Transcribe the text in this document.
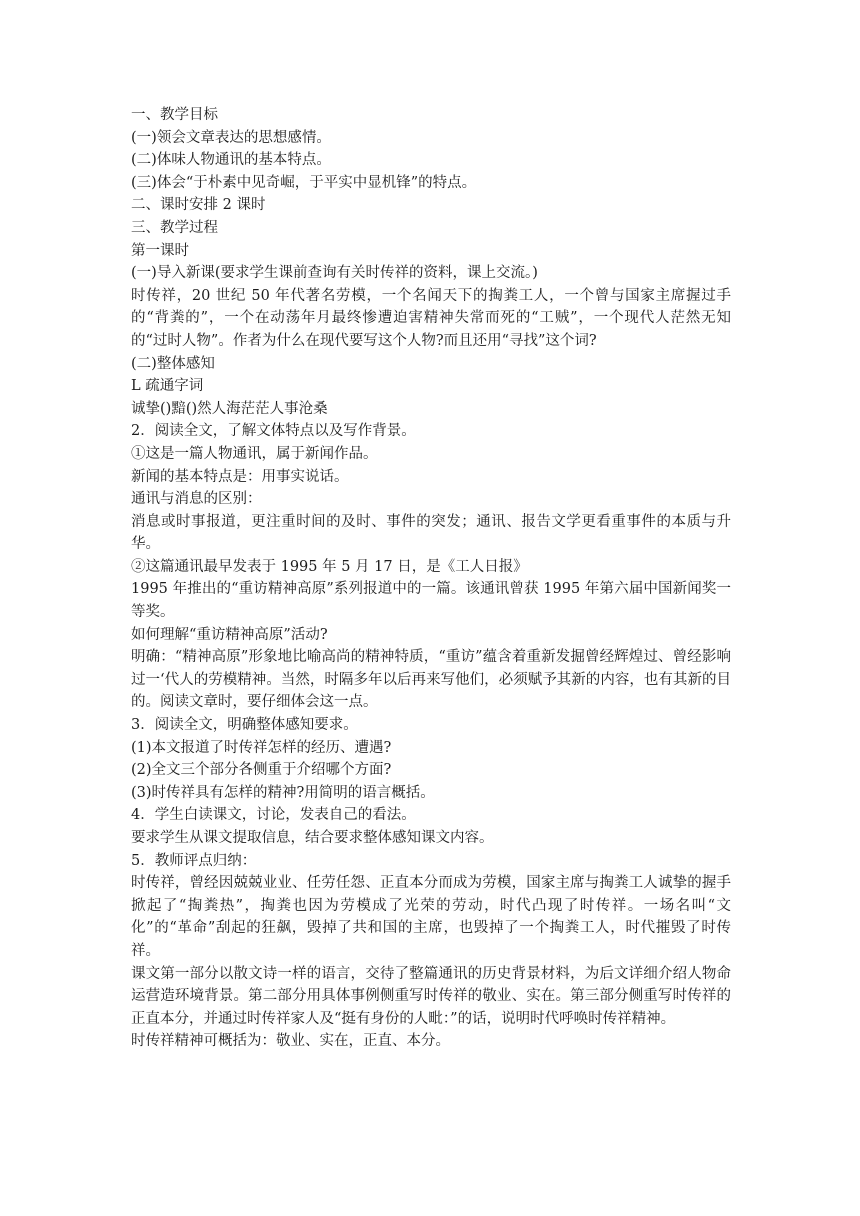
一、教学目标

(一)领会文章表达的思想感情。

(二)体味人物通讯的基本特点。

(三)体会“于朴素中见奇崛，于平实中显机锋”的特点。

二、课时安排 2 课时

三、教学过程

第一课时

(一)导入新课(要求学生课前查询有关时传祥的资料，课上交流。)

时传祥，20 世纪 50 年代著名劳模，一个名闻天下的掏粪工人，一个曾与国家主席握过手的“背粪的”，一个在动荡年月最终惨遭迫害精神失常而死的“工贼”，一个现代人茫然无知的“过时人物”。作者为什么在现代要写这个人物?而且还用“寻找”这个词?

(二)整体感知

L 疏通字词

诚挚()黯()然人海茫茫人事沧桑

2．阅读全文，了解文体特点以及写作背景。

①这是一篇人物通讯，属于新闻作品。

新闻的基本特点是：用事实说话。

通讯与消息的区别：

消息或时事报道，更注重时间的及时、事件的突发；通讯、报告文学更看重事件的本质与升华。

②这篇通讯最早发表于 1995 年 5 月 17 日，是《工人日报》

1995 年推出的“重访精神高原”系列报道中的一篇。该通讯曾获 1995 年第六届中国新闻奖一等奖。

如何理解“重访精神高原”活动?

明确：“精神高原”形象地比喻高尚的精神特质，“重访”蕴含着重新发掘曾经辉煌过、曾经影响过一‘代人的劳模精神。当然，时隔多年以后再来写他们，必须赋予其新的内容，也有其新的目的。阅读文章时，要仔细体会这一点。

3．阅读全文，明确整体感知要求。

(1)本文报道了时传祥怎样的经历、遭遇?

(2)全文三个部分各侧重于介绍哪个方面?

(3)时传祥具有怎样的精神?用简明的语言概括。

4．学生白读课文，讨论，发表自己的看法。

要求学生从课文提取信息，结合要求整体感知课文内容。

5．教师评点归纳：

时传祥，曾经因兢兢业业、任劳任怨、正直本分而成为劳模，国家主席与掏粪工人诚挚的握手掀起了“掏粪热”，掏粪也因为劳模成了光荣的劳动，时代凸现了时传祥。一场名叫“文化”的“革命”刮起的狂飙，毁掉了共和国的主席，也毁掉了一个掏粪工人，时代摧毁了时传祥。

课文第一部分以散文诗一样的语言，交待了整篇通讯的历史背景材料，为后文详细介绍人物命运营造环境背景。第二部分用具体事例侧重写时传祥的敬业、实在。第三部分侧重写时传祥的正直本分，并通过时传祥家人及“挺有身份的人毗：”的话，说明时代呼唤时传祥精神。

时传祥精神可概括为：敬业、实在，正直、本分。
